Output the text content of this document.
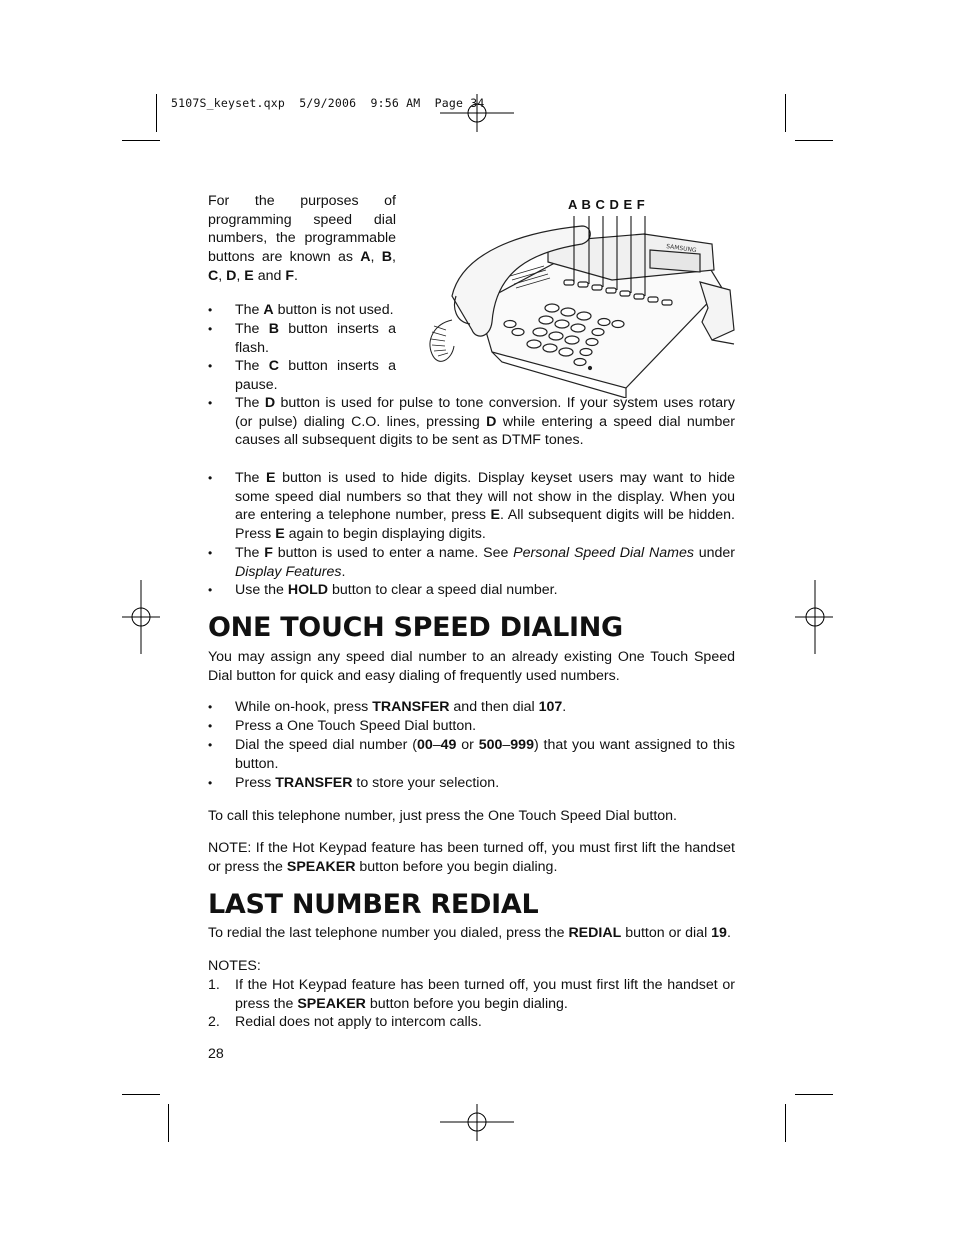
5107S_keyset.qxp  5/9/2006  9:56 AM  Page 34
For the purposes of programming speed dial numbers, the programmable buttons are known as A, B, C, D, E and F.
A B C D E F
SAMSUNG
•	The A button is not used.
•	The B button inserts a flash.
•	The C button inserts a pause.
•	The D button is used for pulse to tone conversion. If your system uses rotary (or pulse) dialing C.O. lines, pressing D while entering a speed dial number causes all subsequent digits to be sent as DTMF tones.
•	The E button is used to hide digits. Display keyset users may want to hide some speed dial numbers so that they will not show in the display. When you are entering a telephone number, press E. All subsequent digits will be hidden. Press E again to begin displaying digits.
•	The F button is used to enter a name. See Personal Speed Dial Names under Display Features.
•	Use the HOLD button to clear a speed dial number.
ONE TOUCH SPEED DIALING
You may assign any speed dial number to an already existing One Touch Speed Dial button for quick and easy dialing of frequently used numbers.
•	While on-hook, press TRANSFER and then dial 107.
•	Press a One Touch Speed Dial button.
•	Dial the speed dial number (00–49 or 500–999) that you want assigned to this button.
•	Press TRANSFER to store your selection.
To call this telephone number, just press the One Touch Speed Dial button.
NOTE: If the Hot Keypad feature has been turned off, you must first lift the handset or press the SPEAKER button before you begin dialing.
LAST NUMBER REDIAL
To redial the last telephone number you dialed, press the REDIAL button or dial 19.
NOTES:
1. If the Hot Keypad feature has been turned off, you must first lift the handset or press the SPEAKER button before you begin dialing.
2. Redial does not apply to intercom calls.
28
